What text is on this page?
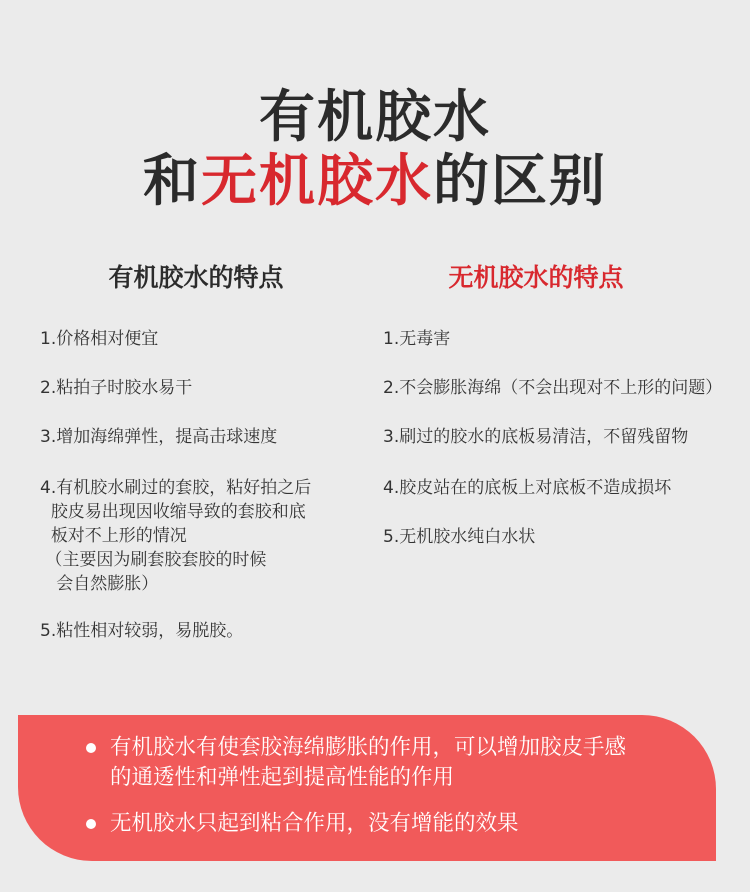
有机胶水
和无机胶水的区别
有机胶水的特点	无机胶水的特点

1.价格相对便宜

2.粘拍子时胶水易干

3.增加海绵弹性，提高击球速度

4.有机胶水刷过的套胶，粘好拍之后
胶皮易出现因收缩导致的套胶和底
板对不上形的情况
（主要因为刷套胶套胶的时候
会自然膨胀）

5.粘性相对较弱，易脱胶。

1.无毒害

2.不会膨胀海绵（不会出现对不上形的问题）

3.刷过的胶水的底板易清洁，不留残留物

4.胶皮站在的底板上对底板不造成损坏

5.无机胶水纯白水状

有机胶水有使套胶海绵膨胀的作用，可以增加胶皮手感
的通透性和弹性起到提高性能的作用

无机胶水只起到粘合作用，没有增能的效果
